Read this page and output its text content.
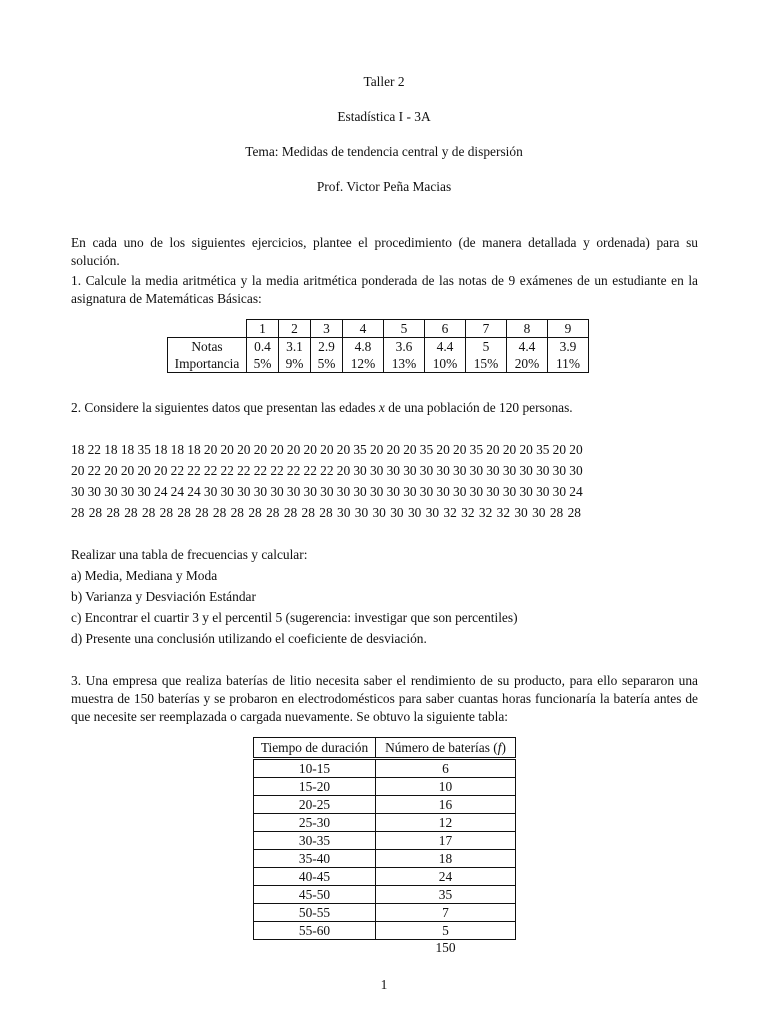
Taller 2
Estadística I - 3A
Tema: Medidas de tendencia central y de dispersión
Prof. Victor Peña Macias
En cada uno de los siguientes ejercicios, plantee el procedimiento (de manera detallada y ordenada) para su solución.
1. Calcule la media aritmética y la media aritmética ponderada de las notas de 9 exámenes de un estudiante en la asignatura de Matemáticas Básicas:
	1	2	3	4	5	6	7	8	9
Notas	0.4	3.1	2.9	4.8	3.6	4.4	5	4.4	3.9
Importancia	5%	9%	5%	12%	13%	10%	15%	20%	11%
2. Considere la siguientes datos que presentan las edades x de una población de 120 personas.
18 22 18 18 35 18 18 18 20 20 20 20 20 20 20 20 20 35 20 20 20 35 20 20 35 20 20 20 35 20 20
20 22 20 20 20 20 22 22 22 22 22 22 22 22 22 22 20 30 30 30 30 30 30 30 30 30 30 30 30 30 30
30 30 30 30 30 24 24 24 30 30 30 30 30 30 30 30 30 30 30 30 30 30 30 30 30 30 30 30 30 30 24
28 28 28 28 28 28 28 28 28 28 28 28 28 28 28 30 30 30 30 30 30 32 32 32 32 30 30 28 28
Realizar una tabla de frecuencias y calcular:
a) Media, Mediana y Moda
b) Varianza y Desviación Estándar
c) Encontrar el cuartir 3 y el percentil 5 (sugerencia: investigar que son percentiles)
d) Presente una conclusión utilizando el coeficiente de desviación.
3. Una empresa que realiza baterías de litio necesita saber el rendimiento de su producto, para ello separaron una muestra de 150 baterías y se probaron en electrodomésticos para saber cuantas horas funcionaría la batería antes de que necesite ser reemplazada o cargada nuevamente. Se obtuvo la siguiente tabla:
Tiempo de duración	Número de baterías (f)
10-15	6
15-20	10
20-25	16
25-30	12
30-35	17
35-40	18
40-45	24
45-50	35
50-55	7
55-60	5
	150
1
